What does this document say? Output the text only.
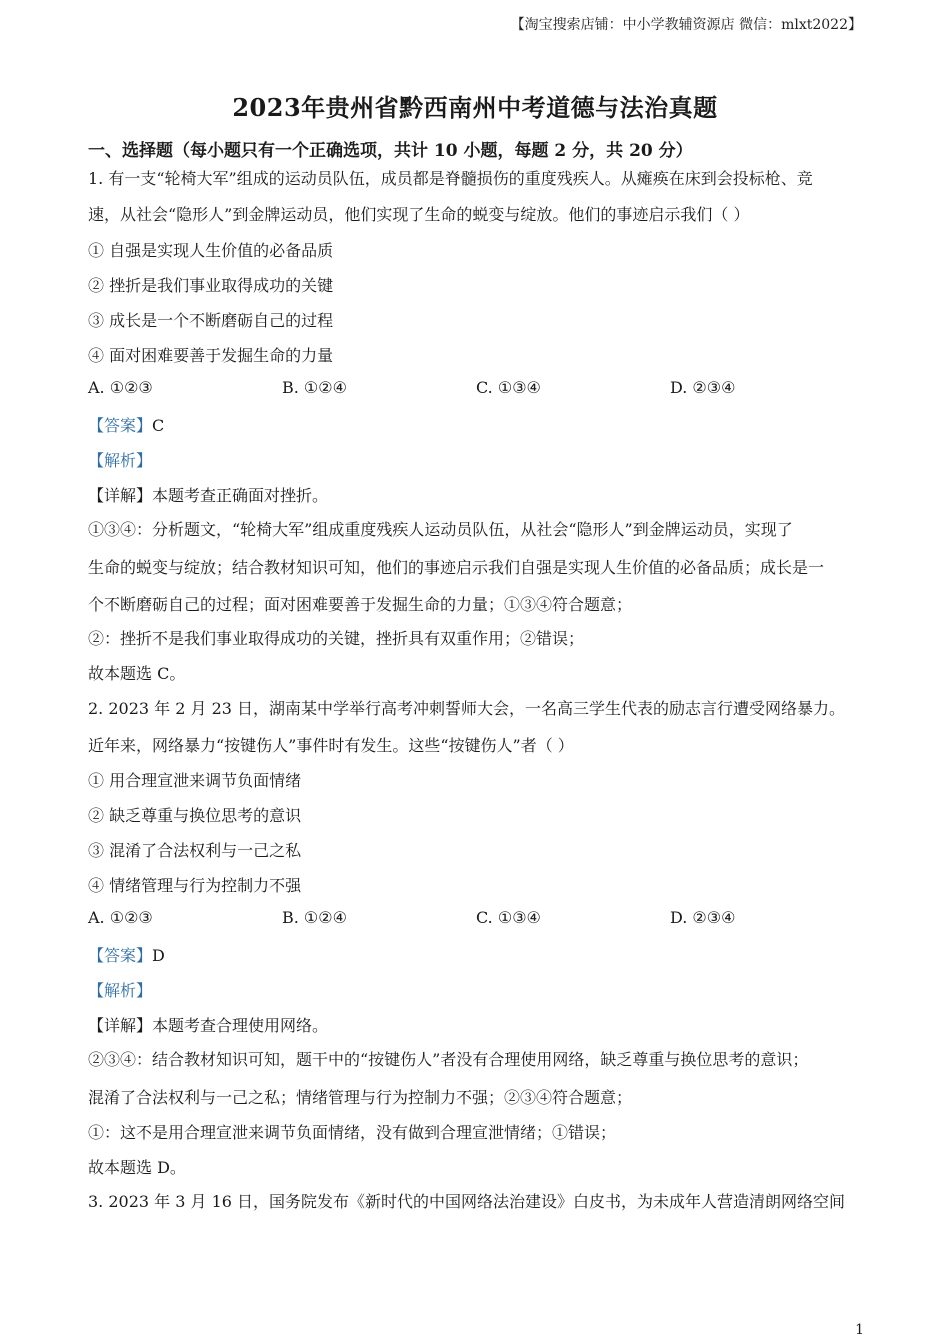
【淘宝搜索店铺：中小学教辅资源店 微信：mlxt2022】
2023年贵州省黔西南州中考道德与法治真题
一、选择题（每小题只有一个正确选项，共计 10 小题，每题 2 分，共 20 分）
1. 有一支“轮椅大军”组成的运动员队伍，成员都是脊髓损伤的重度残疾人。从瘫痪在床到会投标枪、竞
速，从社会“隐形人”到金牌运动员，他们实现了生命的蜕变与绽放。他们的事迹启示我们（ ）
① 自强是实现人生价值的必备品质
② 挫折是我们事业取得成功的关键
③ 成长是一个不断磨砺自己的过程
④ 面对困难要善于发掘生命的力量
A. ①②③	B. ①②④	C. ①③④	D. ②③④
【答案】C
【解析】
【详解】本题考查正确面对挫折。
①③④：分析题文，“轮椅大军”组成重度残疾人运动员队伍，从社会“隐形人”到金牌运动员，实现了
生命的蜕变与绽放；结合教材知识可知，他们的事迹启示我们自强是实现人生价值的必备品质；成长是一
个不断磨砺自己的过程；面对困难要善于发掘生命的力量；①③④符合题意；
②：挫折不是我们事业取得成功的关键，挫折具有双重作用；②错误；
故本题选 C。
2. 2023 年 2 月 23 日，湖南某中学举行高考冲刺誓师大会，一名高三学生代表的励志言行遭受网络暴力。
近年来，网络暴力“按键伤人”事件时有发生。这些“按键伤人”者（ ）
① 用合理宣泄来调节负面情绪
② 缺乏尊重与换位思考的意识
③ 混淆了合法权利与一己之私
④ 情绪管理与行为控制力不强
A. ①②③	B. ①②④	C. ①③④	D. ②③④
【答案】D
【解析】
【详解】本题考查合理使用网络。
②③④：结合教材知识可知，题干中的“按键伤人”者没有合理使用网络，缺乏尊重与换位思考的意识；
混淆了合法权利与一己之私；情绪管理与行为控制力不强；②③④符合题意；
①：这不是用合理宣泄来调节负面情绪，没有做到合理宣泄情绪；①错误；
故本题选 D。
3. 2023 年 3 月 16 日，国务院发布《新时代的中国网络法治建设》白皮书，为未成年人营造清朗网络空间
1
